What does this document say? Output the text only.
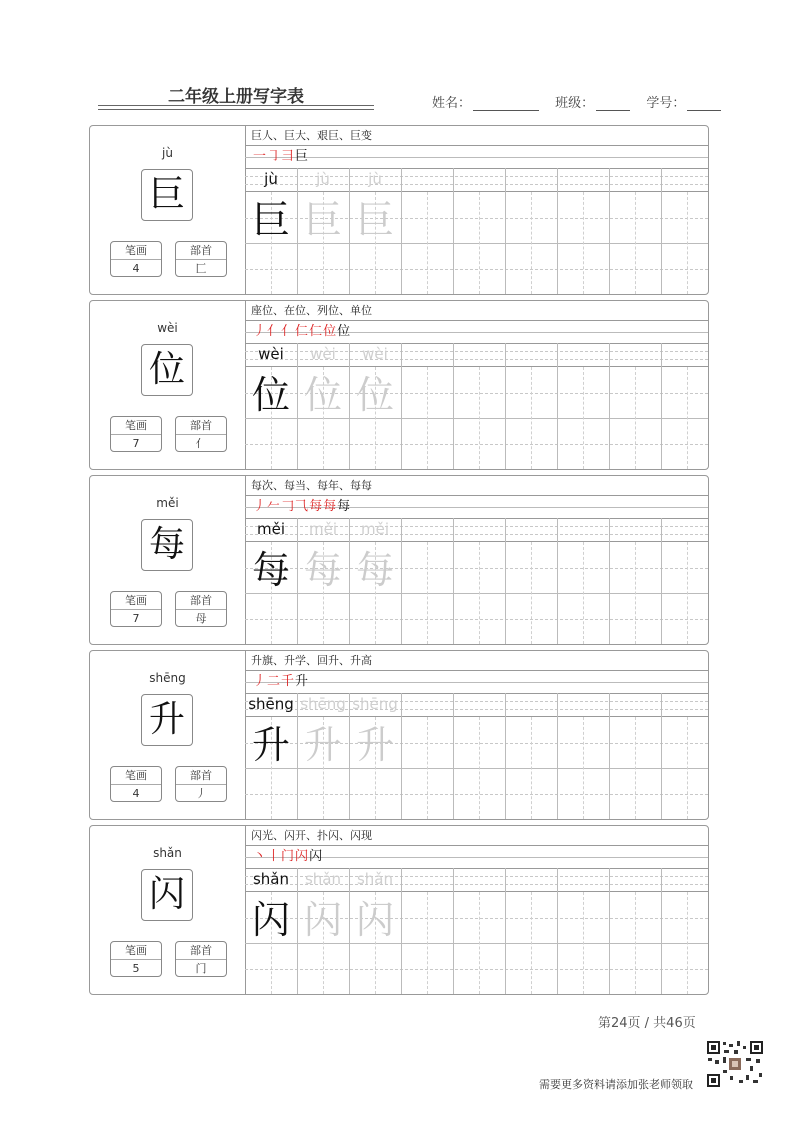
二年级上册写字表	姓名：	班级：	学号：
jù
巨
笔画
4
部首
匚
巨人、巨大、艰巨、巨变
一㇆彐巨
jù
巨
jù
巨
jù
巨
wèi
位
笔画
7
部首
亻
座位、在位、列位、单位
丿亻亻仁仁位位
wèi
位
wèi
位
wèi
位
měi
每
笔画
7
部首
母
每次、每当、每年、每每
丿𠂉𠃌⺄每每每
měi
每
měi
每
měi
每
shēng
升
笔画
4
部首
丿
升旗、升学、回升、升高
丿二千升
shēng
升
shēng
升
shēng
升
shǎn
闪
笔画
5
部首
门
闪光、闪开、扑闪、闪现
丶丨门闪闪
shǎn
闪
shǎn
闪
shǎn
闪
第24页 / 共46页
需要更多资料请添加张老师领取
